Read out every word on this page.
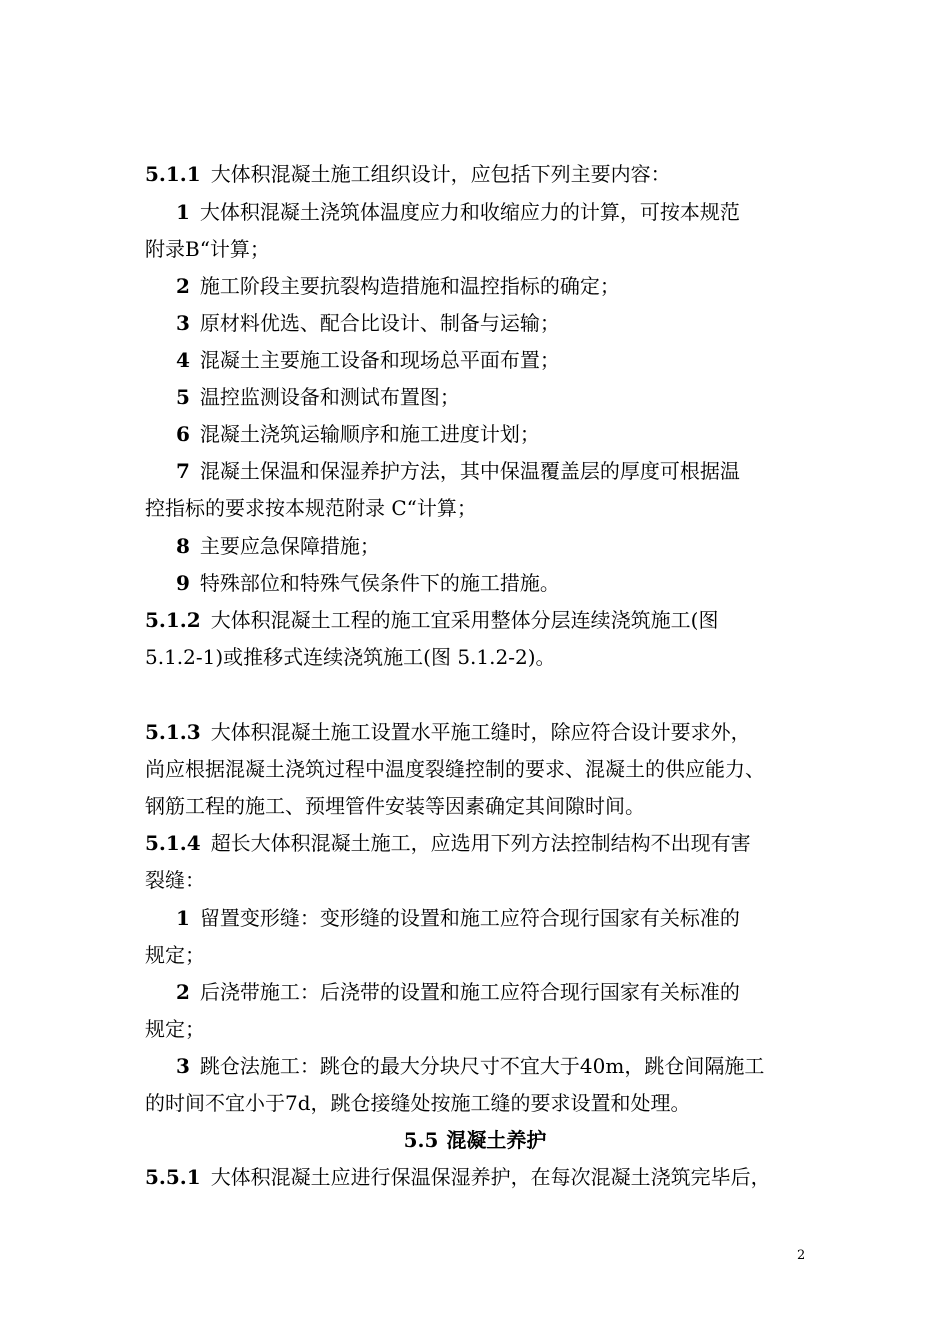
5.1.1 大体积混凝土施工组织设计，应包括下列主要内容：
1 大体积混凝土浇筑体温度应力和收缩应力的计算，可按本规范
附录B“计算；
2 施工阶段主要抗裂构造措施和温控指标的确定；
3 原材料优选、配合比设计、制备与运输；
4 混凝土主要施工设备和现场总平面布置；
5 温控监测设备和测试布置图；
6 混凝土浇筑运输顺序和施工进度计划；
7 混凝土保温和保湿养护方法，其中保温覆盖层的厚度可根据温
控指标的要求按本规范附录 C“计算；
8 主要应急保障措施；
9 特殊部位和特殊气侯条件下的施工措施。
5.1.2 大体积混凝土工程的施工宜采用整体分层连续浇筑施工(图
5.1.2-1)或推移式连续浇筑施工(图 5.1.2-2)。
5.1.3 大体积混凝土施工设置水平施工缝时，除应符合设计要求外，
尚应根据混凝土浇筑过程中温度裂缝控制的要求、混凝土的供应能力、
钢筋工程的施工、预埋管件安装等因素确定其间隙时间。
5.1.4 超长大体积混凝土施工，应选用下列方法控制结构不出现有害
裂缝：
1 留置变形缝：变形缝的设置和施工应符合现行国家有关标准的
规定；
2 后浇带施工：后浇带的设置和施工应符合现行国家有关标准的
规定；
3 跳仓法施工：跳仓的最大分块尺寸不宜大于40m，跳仓间隔施工
的时间不宜小于7d，跳仓接缝处按施工缝的要求设置和处理。
5.5 混凝土养护
5.5.1 大体积混凝土应进行保温保湿养护，在每次混凝土浇筑完毕后，
2
